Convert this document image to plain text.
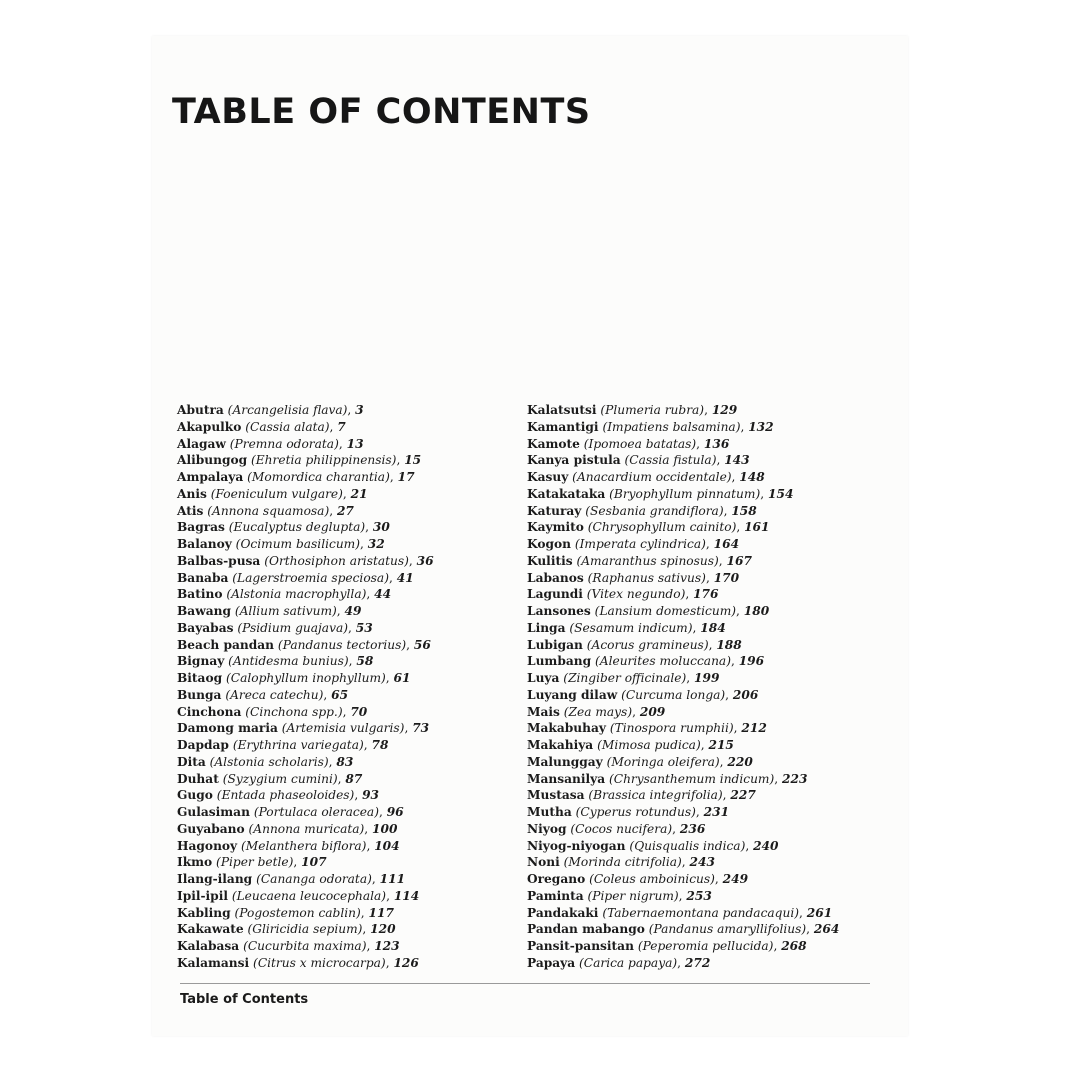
TABLE OF CONTENTS
Abutra (Arcangelisia flava), 3
Akapulko (Cassia alata), 7
Alagaw (Premna odorata), 13
Alibungog (Ehretia philippinensis), 15
Ampalaya (Momordica charantia), 17
Anis (Foeniculum vulgare), 21
Atis (Annona squamosa), 27
Bagras (Eucalyptus deglupta), 30
Balanoy (Ocimum basilicum), 32
Balbas-pusa (Orthosiphon aristatus), 36
Banaba (Lagerstroemia speciosa), 41
Batino (Alstonia macrophylla), 44
Bawang (Allium sativum), 49
Bayabas (Psidium guajava), 53
Beach pandan (Pandanus tectorius), 56
Bignay (Antidesma bunius), 58
Bitaog (Calophyllum inophyllum), 61
Bunga (Areca catechu), 65
Cinchona (Cinchona spp.), 70
Damong maria (Artemisia vulgaris), 73
Dapdap (Erythrina variegata), 78
Dita (Alstonia scholaris), 83
Duhat (Syzygium cumini), 87
Gugo (Entada phaseoloides), 93
Gulasiman (Portulaca oleracea), 96
Guyabano (Annona muricata), 100
Hagonoy (Melanthera biflora), 104
Ikmo (Piper betle), 107
Ilang-ilang (Cananga odorata), 111
Ipil-ipil (Leucaena leucocephala), 114
Kabling (Pogostemon cablin), 117
Kakawate (Gliricidia sepium), 120
Kalabasa (Cucurbita maxima), 123
Kalamansi (Citrus x microcarpa), 126
Kalatsutsi (Plumeria rubra), 129
Kamantigi (Impatiens balsamina), 132
Kamote (Ipomoea batatas), 136
Kanya pistula (Cassia fistula), 143
Kasuy (Anacardium occidentale), 148
Katakataka (Bryophyllum pinnatum), 154
Katuray (Sesbania grandiflora), 158
Kaymito (Chrysophyllum cainito), 161
Kogon (Imperata cylindrica), 164
Kulitis (Amaranthus spinosus), 167
Labanos (Raphanus sativus), 170
Lagundi (Vitex negundo), 176
Lansones (Lansium domesticum), 180
Linga (Sesamum indicum), 184
Lubigan (Acorus gramineus), 188
Lumbang (Aleurites moluccana), 196
Luya (Zingiber officinale), 199
Luyang dilaw (Curcuma longa), 206
Mais (Zea mays), 209
Makabuhay (Tinospora rumphii), 212
Makahiya (Mimosa pudica), 215
Malunggay (Moringa oleifera), 220
Mansanilya (Chrysanthemum indicum), 223
Mustasa (Brassica integrifolia), 227
Mutha (Cyperus rotundus), 231
Niyog (Cocos nucifera), 236
Niyog-niyogan (Quisqualis indica), 240
Noni (Morinda citrifolia), 243
Oregano (Coleus amboinicus), 249
Paminta (Piper nigrum), 253
Pandakaki (Tabernaemontana pandacaqui), 261
Pandan mabango (Pandanus amaryllifolius), 264
Pansit-pansitan (Peperomia pellucida), 268
Papaya (Carica papaya), 272
Table of Contents
